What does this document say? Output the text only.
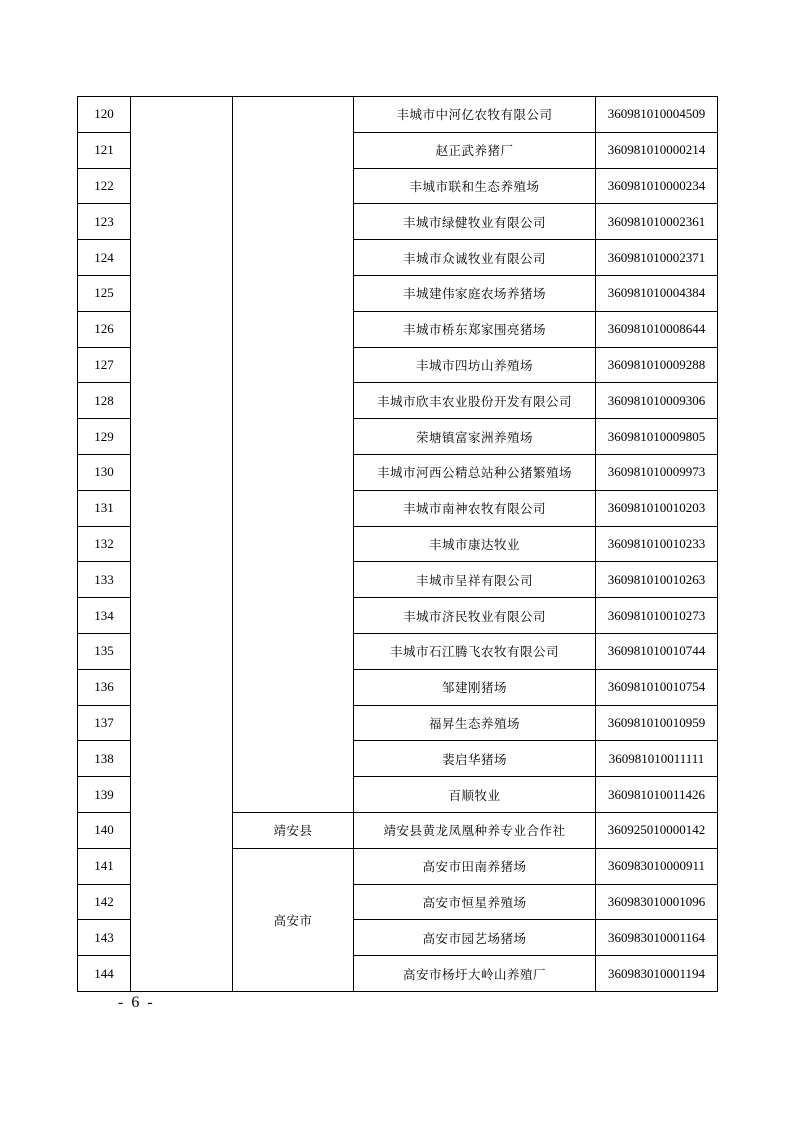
120			丰城市中河亿农牧有限公司	360981010004509
121			赵正武养猪厂	360981010000214
122			丰城市联和生态养殖场	360981010000234
123			丰城市绿健牧业有限公司	360981010002361
124			丰城市众诚牧业有限公司	360981010002371
125			丰城建伟家庭农场养猪场	360981010004384
126			丰城市桥东郑家围亮猪场	360981010008644
127			丰城市四坊山养殖场	360981010009288
128			丰城市欣丰农业股份开发有限公司	360981010009306
129			荣塘镇富家洲养殖场	360981010009805
130			丰城市河西公精总站种公猪繁殖场	360981010009973
131			丰城市南神农牧有限公司	360981010010203
132			丰城市康达牧业	360981010010233
133			丰城市呈祥有限公司	360981010010263
134			丰城市济民牧业有限公司	360981010010273
135			丰城市石江腾飞农牧有限公司	360981010010744
136			邹建刚猪场	360981010010754
137			福昇生态养殖场	360981010010959
138			裴启华猪场	360981010011111
139			百顺牧业	360981010011426
140		靖安县	靖安县黄龙凤凰种养专业合作社	360925010000142
141		高安市	高安市田南养猪场	360983010000911
142			高安市恒星养殖场	360983010001096
143			高安市园艺场猪场	360983010001164
144			高安市杨圩大岭山养殖厂	360983010001194
- 6 -
